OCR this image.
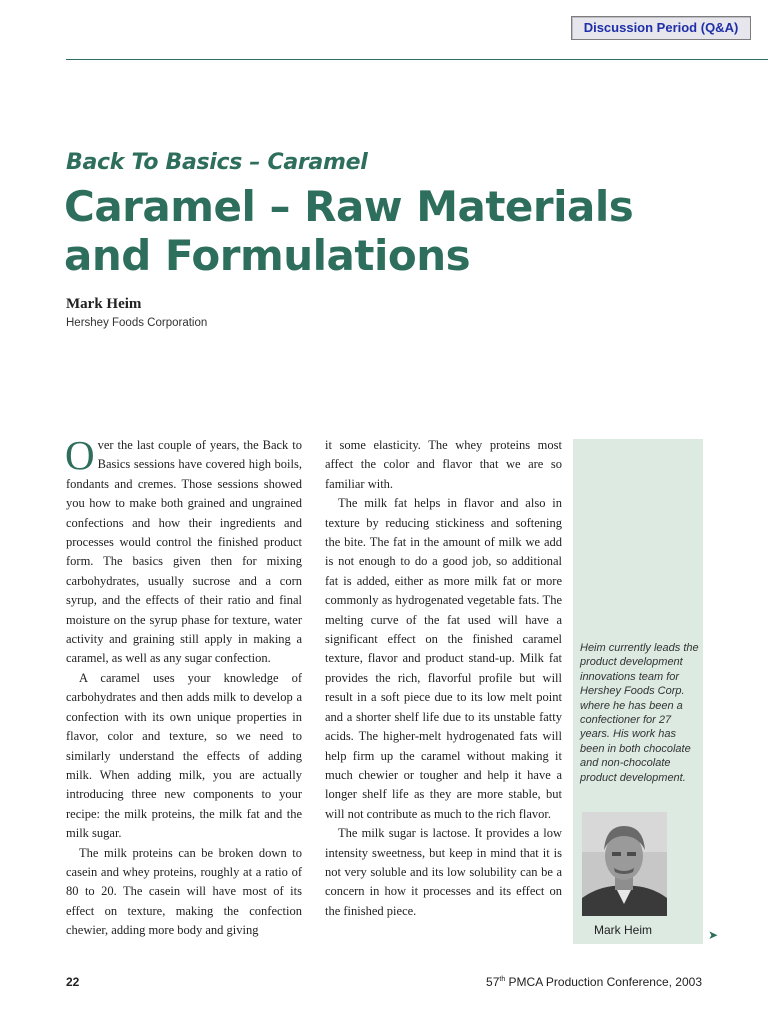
Discussion Period (Q&A)
Back To Basics – Caramel
Caramel – Raw Materials and Formulations
Mark Heim
Hershey Foods Corporation

Over the last couple of years, the Back to Basics sessions have covered high boils, fondants and cremes. Those sessions showed you how to make both grained and ungrained confections and how their ingredients and processes would control the finished product form. The basics given then for mixing carbohydrates, usually sucrose and a corn syrup, and the effects of their ratio and final moisture on the syrup phase for texture, water activity and graining still apply in making a caramel, as well as any sugar confection.

A caramel uses your knowledge of carbohydrates and then adds milk to develop a confection with its own unique properties in flavor, color and texture, so we need to similarly understand the effects of adding milk. When adding milk, you are actually introducing three new components to your recipe: the milk proteins, the milk fat and the milk sugar.

The milk proteins can be broken down to casein and whey proteins, roughly at a ratio of 80 to 20. The casein will have most of its effect on texture, making the confection chewier, adding more body and giving

it some elasticity. The whey proteins most affect the color and flavor that we are so familiar with.

The milk fat helps in flavor and also in texture by reducing stickiness and softening the bite. The fat in the amount of milk we add is not enough to do a good job, so additional fat is added, either as more milk fat or more commonly as hydrogenated vegetable fats. The melting curve of the fat used will have a significant effect on the finished caramel texture, flavor and product stand-up. Milk fat provides the rich, flavorful profile but will result in a soft piece due to its low melt point and a shorter shelf life due to its unstable fatty acids. The higher-melt hydrogenated fats will help firm up the caramel without making it much chewier or tougher and help it have a longer shelf life as they are more stable, but will not contribute as much to the rich flavor.

The milk sugar is lactose. It provides a low intensity sweetness, but keep in mind that it is not very soluble and its low solubility can be a concern in how it processes and its effect on the finished piece.

Heim currently leads the product development innovations team for Hershey Foods Corp. where he has been a confectioner for 27 years. His work has been in both chocolate and non-chocolate product development.

Mark Heim	➤
22	57th PMCA Production Conference, 2003
